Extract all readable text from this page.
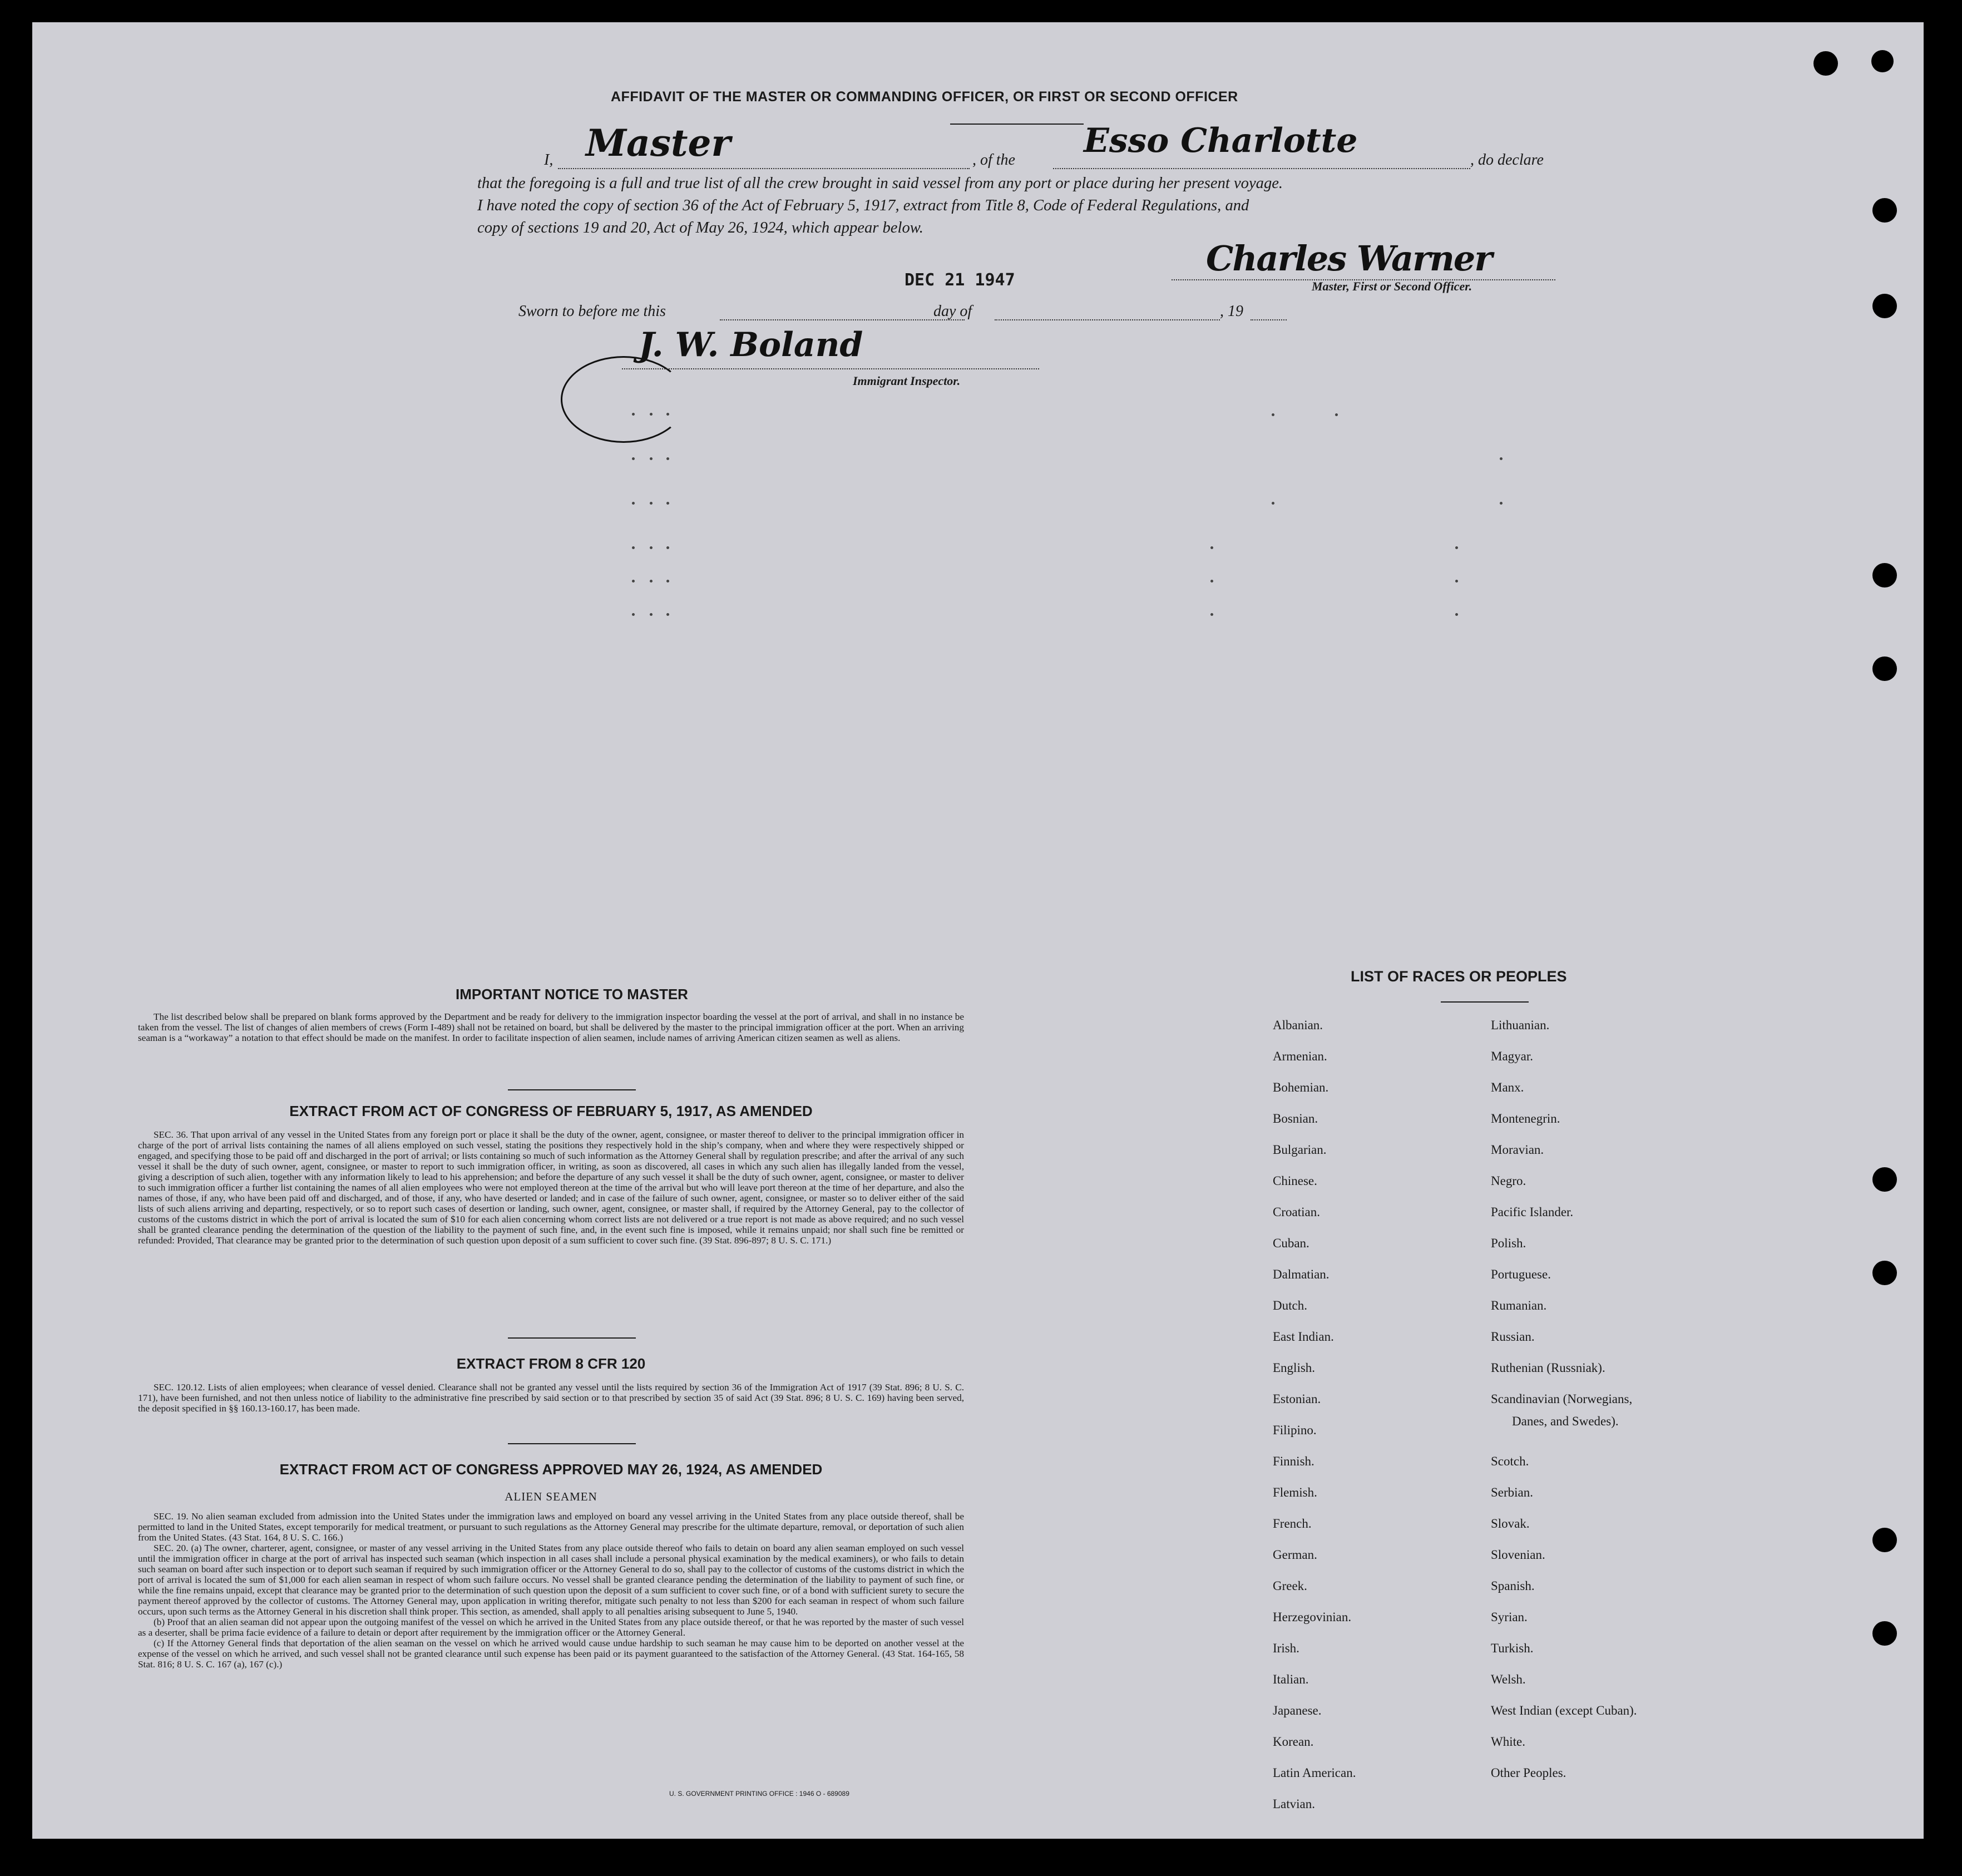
AFFIDAVIT OF THE MASTER OR COMMANDING OFFICER, OR FIRST OR SECOND OFFICER
I, Master	, of the Esso Charlotte	, do declare
that the foregoing is a full and true list of all the crew brought in said vessel from any port or place during her present voyage.
I have noted the copy of section 36 of the Act of February 5, 1917, extract from Title 8, Code of Federal Regulations, and
copy of sections 19 and 20, Act of May 26, 1924, which appear below.
DEC 21 1947
Charles Warner
Master, First or Second Officer.
Sworn to before me this	day of	, 19
J. W. Boland
Immigrant Inspector.
IMPORTANT NOTICE TO MASTER

The list described below shall be prepared on blank forms approved by the Department and be ready for delivery to the immigration inspector boarding the vessel at the port of arrival, and shall in no instance be taken from the vessel. The list of changes of alien members of crews (Form I-489) shall not be retained on board, but shall be delivered by the master to the principal immigration officer at the port. When an arriving seaman is a “workaway” a notation to that effect should be made on the manifest. In order to facilitate inspection of alien seamen, include names of arriving American citizen seamen as well as aliens.

EXTRACT FROM ACT OF CONGRESS OF FEBRUARY 5, 1917, AS AMENDED

SEC. 36. That upon arrival of any vessel in the United States from any foreign port or place it shall be the duty of the owner, agent, consignee, or master thereof to deliver to the principal immigration officer in charge of the port of arrival lists containing the names of all aliens employed on such vessel, stating the positions they respectively hold in the ship’s company, when and where they were respectively shipped or engaged, and specifying those to be paid off and discharged in the port of arrival; or lists containing so much of such information as the Attorney General shall by regulation prescribe; and after the arrival of any such vessel it shall be the duty of such owner, agent, consignee, or master to report to such immigration officer, in writing, as soon as discovered, all cases in which any such alien has illegally landed from the vessel, giving a description of such alien, together with any information likely to lead to his apprehension; and before the departure of any such vessel it shall be the duty of such owner, agent, consignee, or master to deliver to such immigration officer a further list containing the names of all alien employees who were not employed thereon at the time of the arrival but who will leave port thereon at the time of her departure, and also the names of those, if any, who have been paid off and discharged, and of those, if any, who have deserted or landed; and in case of the failure of such owner, agent, consignee, or master so to deliver either of the said lists of such aliens arriving and departing, respectively, or so to report such cases of desertion or landing, such owner, agent, consignee, or master shall, if required by the Attorney General, pay to the collector of customs of the customs district in which the port of arrival is located the sum of $10 for each alien concerning whom correct lists are not delivered or a true report is not made as above required; and no such vessel shall be granted clearance pending the determination of the question of the liability to the payment of such fine, and, in the event such fine is imposed, while it remains unpaid; nor shall such fine be remitted or refunded: Provided, That clearance may be granted prior to the determination of such question upon deposit of a sum sufficient to cover such fine. (39 Stat. 896-897; 8 U. S. C. 171.)

EXTRACT FROM 8 CFR 120

SEC. 120.12. Lists of alien employees; when clearance of vessel denied. Clearance shall not be granted any vessel until the lists required by section 36 of the Immigration Act of 1917 (39 Stat. 896; 8 U. S. C. 171), have been furnished, and not then unless notice of liability to the administrative fine prescribed by said section or to that prescribed by section 35 of said Act (39 Stat. 896; 8 U. S. C. 169) having been served, the deposit specified in §§ 160.13-160.17, has been made.

EXTRACT FROM ACT OF CONGRESS APPROVED MAY 26, 1924, AS AMENDED
ALIEN SEAMEN

SEC. 19. No alien seaman excluded from admission into the United States under the immigration laws and employed on board any vessel arriving in the United States from any place outside thereof, shall be permitted to land in the United States, except temporarily for medical treatment, or pursuant to such regulations as the Attorney General may prescribe for the ultimate departure, removal, or deportation of such alien from the United States. (43 Stat. 164, 8 U. S. C. 166.)

SEC. 20. (a) The owner, charterer, agent, consignee, or master of any vessel arriving in the United States from any place outside thereof who fails to detain on board any alien seaman employed on such vessel until the immigration officer in charge at the port of arrival has inspected such seaman (which inspection in all cases shall include a personal physical examination by the medical examiners), or who fails to detain such seaman on board after such inspection or to deport such seaman if required by such immigration officer or the Attorney General to do so, shall pay to the collector of customs of the customs district in which the port of arrival is located the sum of $1,000 for each alien seaman in respect of whom such failure occurs. No vessel shall be granted clearance pending the determination of the liability to payment of such fine, or while the fine remains unpaid, except that clearance may be granted prior to the determination of such question upon the deposit of a sum sufficient to cover such fine, or of a bond with sufficient surety to secure the payment thereof approved by the collector of customs. The Attorney General may, upon application in writing therefor, mitigate such penalty to not less than $200 for each seaman in respect of whom such failure occurs, upon such terms as the Attorney General in his discretion shall think proper. This section, as amended, shall apply to all penalties arising subsequent to June 5, 1940.

(b) Proof that an alien seaman did not appear upon the outgoing manifest of the vessel on which he arrived in the United States from any place outside thereof, or that he was reported by the master of such vessel as a deserter, shall be prima facie evidence of a failure to detain or deport after requirement by the immigration officer or the Attorney General.

(c) If the Attorney General finds that deportation of the alien seaman on the vessel on which he arrived would cause undue hardship to such seaman he may cause him to be deported on another vessel at the expense of the vessel on which he arrived, and such vessel shall not be granted clearance until such expense has been paid or its payment guaranteed to the satisfaction of the Attorney General. (43 Stat. 164-165, 58 Stat. 816; 8 U. S. C. 167 (a), 167 (c).)

U. S. GOVERNMENT PRINTING OFFICE : 1946 O - 689089
LIST OF RACES OR PEOPLES
Albanian.
Armenian.
Bohemian.
Bosnian.
Bulgarian.
Chinese.
Croatian.
Cuban.
Dalmatian.
Dutch.
East Indian.
English.
Estonian.
Filipino.
Finnish.
Flemish.
French.
German.
Greek.
Herzegovinian.
Irish.
Italian.
Japanese.
Korean.
Latin American.
Latvian.
Lithuanian.
Magyar.
Manx.
Montenegrin.
Moravian.
Negro.
Pacific Islander.
Polish.
Portuguese.
Rumanian.
Russian.
Ruthenian (Russniak).
Scandinavian (Norwegians,
Danes, and Swedes).
Scotch.
Serbian.
Slovak.
Slovenian.
Spanish.
Syrian.
Turkish.
Welsh.
West Indian (except Cuban).
White.
Other Peoples.
